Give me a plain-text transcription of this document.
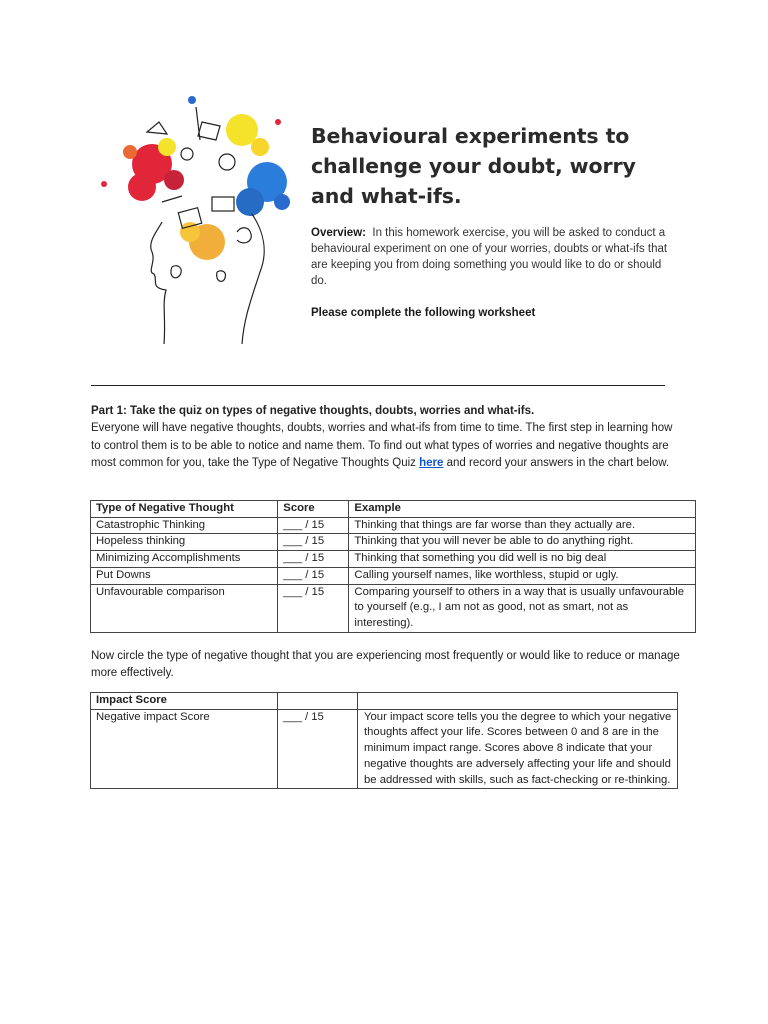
Behavioural experiments to challenge your doubt, worry and what-ifs.

Overview: In this homework exercise, you will be asked to conduct a behavioural experiment on one of your worries, doubts or what-ifs that are keeping you from doing something you would like to do or should do.

Please complete the following worksheet

Part 1: Take the quiz on types of negative thoughts, doubts, worries and what-ifs.
Everyone will have negative thoughts, doubts, worries and what-ifs from time to time. The first step in learning how to control them is to be able to notice and name them. To find out what types of worries and negative thoughts are most common for you, take the Type of Negative Thoughts Quiz here and record your answers in the chart below.

Type of Negative Thought	Score	Example
Catastrophic Thinking	___ / 15	Thinking that things are far worse than they actually are.
Hopeless thinking	___ / 15	Thinking that you will never be able to do anything right.
Minimizing Accomplishments	___ / 15	Thinking that something you did well is no big deal
Put Downs	___ / 15	Calling yourself names, like worthless, stupid or ugly.
Unfavourable comparison	___ / 15	Comparing yourself to others in a way that is usually unfavourable to yourself (e.g., I am not as good, not as smart, not as interesting).

Now circle the type of negative thought that you are experiencing most frequently or would like to reduce or manage more effectively.

Impact Score		
Negative impact Score	___ / 15	Your impact score tells you the degree to which your negative thoughts affect your life. Scores between 0 and 8 are in the minimum impact range. Scores above 8 indicate that your negative thoughts are adversely affecting your life and should be addressed with skills, such as fact-checking or re-thinking.
